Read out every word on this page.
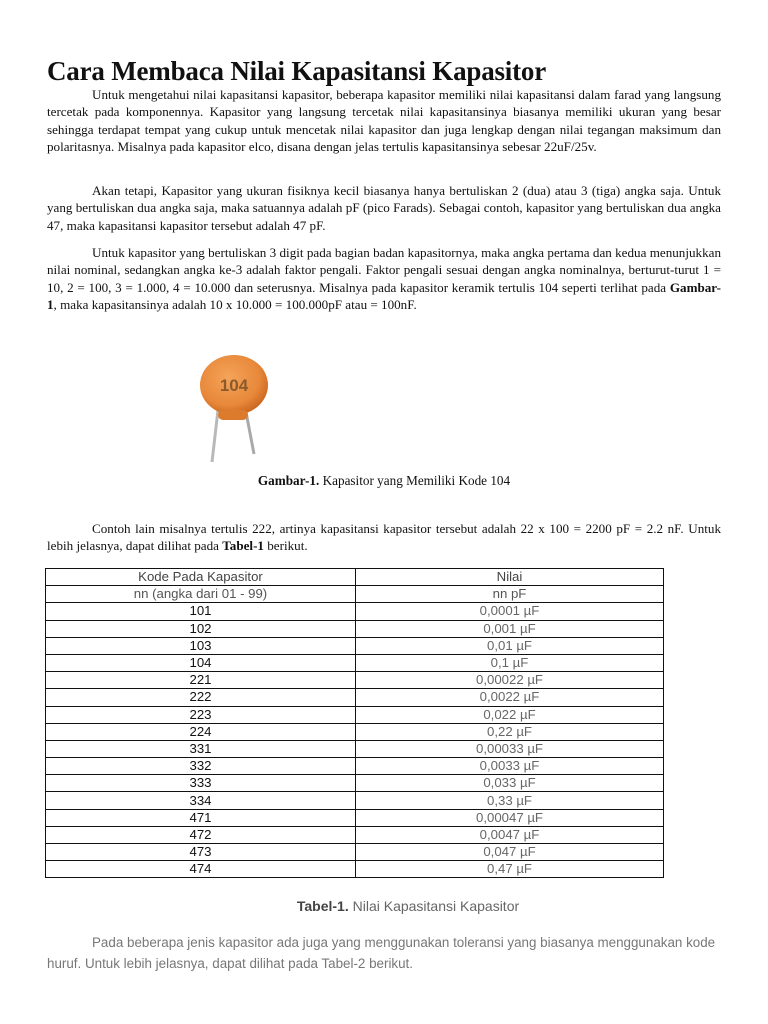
Cara Membaca Nilai Kapasitansi Kapasitor
Untuk mengetahui nilai kapasitansi kapasitor, beberapa kapasitor memiliki nilai kapasitansi dalam farad yang langsung tercetak pada komponennya. Kapasitor yang langsung tercetak nilai kapasitansinya biasanya memiliki ukuran yang besar sehingga terdapat tempat yang cukup untuk mencetak nilai kapasitor dan juga lengkap dengan nilai tegangan maksimum dan polaritasnya. Misalnya pada kapasitor elco, disana dengan jelas tertulis kapasitansinya sebesar 22uF/25v.
Akan tetapi, Kapasitor yang ukuran fisiknya kecil biasanya hanya bertuliskan 2 (dua) atau 3 (tiga) angka saja. Untuk yang bertuliskan dua angka saja, maka satuannya adalah pF (pico Farads). Sebagai contoh, kapasitor yang bertuliskan dua angka 47, maka kapasitansi kapasitor tersebut adalah 47 pF.
Untuk kapasitor yang bertuliskan 3 digit pada bagian badan kapasitornya, maka angka pertama dan kedua menunjukkan nilai nominal, sedangkan angka ke-3 adalah faktor pengali. Faktor pengali sesuai dengan angka nominalnya, berturut-turut 1 = 10, 2 = 100, 3 = 1.000, 4 = 10.000 dan seterusnya. Misalnya pada kapasitor keramik tertulis 104 seperti terlihat pada Gambar-1, maka kapasitansinya adalah 10 x 10.000 = 100.000pF atau = 100nF.
104
Gambar-1. Kapasitor yang Memiliki Kode 104
Contoh lain misalnya tertulis 222, artinya kapasitansi kapasitor tersebut adalah 22 x 100 = 2200 pF = 2.2 nF. Untuk lebih jelasnya, dapat dilihat pada Tabel-1 berikut.
Kode Pada Kapasitor	Nilai
nn (angka dari 01 - 99)	nn pF
101	0,0001 µF
102	0,001 µF
103	0,01 µF
104	0,1 µF
221	0,00022 µF
222	0,0022 µF
223	0,022 µF
224	0,22 µF
331	0,00033 µF
332	0,0033 µF
333	0,033 µF
334	0,33 µF
471	0,00047 µF
472	0,0047 µF
473	0,047 µF
474	0,47 µF
Tabel-1. Nilai Kapasitansi Kapasitor
Pada beberapa jenis kapasitor ada juga yang menggunakan toleransi yang biasanya menggunakan kode huruf. Untuk lebih jelasnya, dapat dilihat pada Tabel-2 berikut.
